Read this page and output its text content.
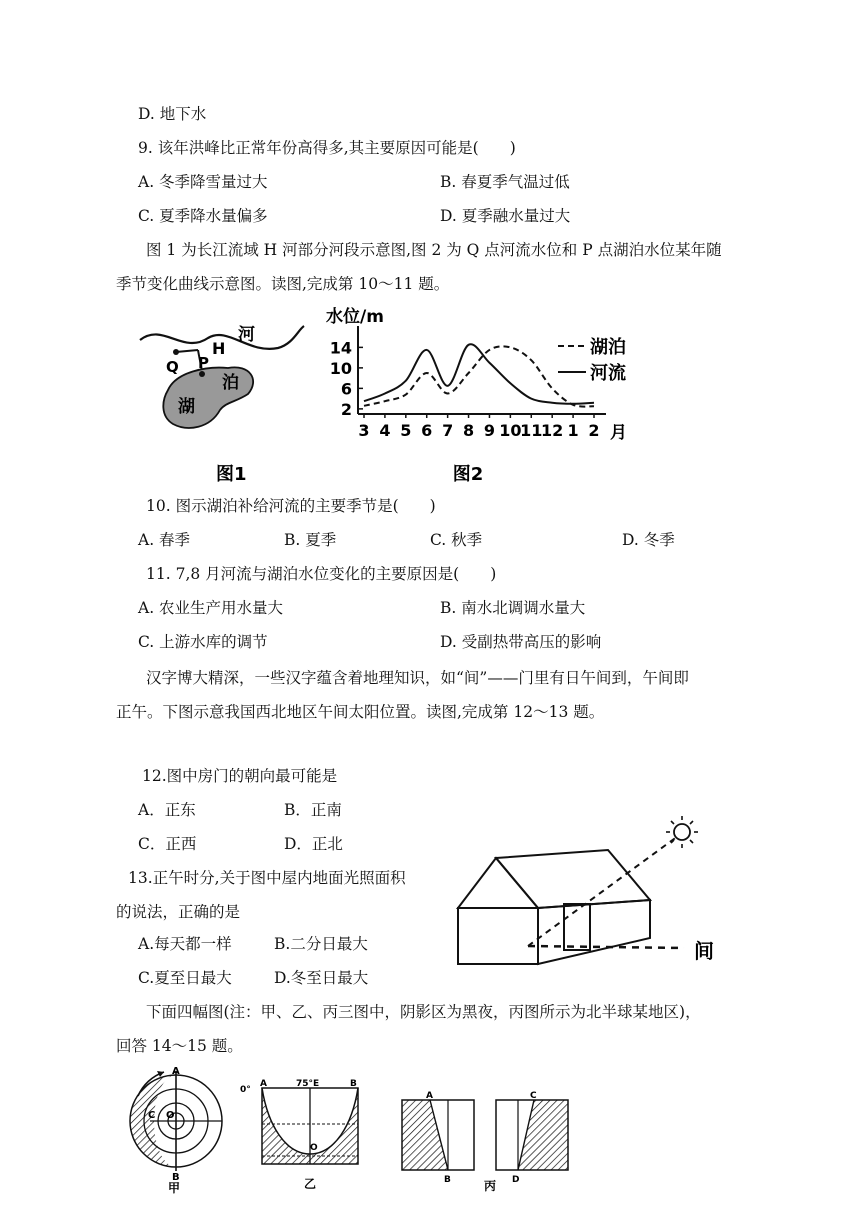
D. 地下水
9. 该年洪峰比正常年份高得多,其主要原因可能是(　　)
A. 冬季降雪量过大	B. 春夏季气温过低
C. 夏季降水量偏多	D. 夏季融水量过大
图 1 为长江流域 H 河部分河段示意图,图 2 为 Q 点河流水位和 P 点湖泊水位某年随
季节变化曲线示意图。读图,完成第 10～11 题。
H
河
Q P
湖
泊
图1
水位/m
2
6
10
14
3 4 5 6 7 8 9 10
11
12 1 2 月
湖泊
河流
图2
10. 图示湖泊补给河流的主要季节是(　　)
A. 春季	B. 夏季	C. 秋季	D. 冬季
11. 7,8 月河流与湖泊水位变化的主要原因是(　　)
A. 农业生产用水量大	B. 南水北调调水量大
C. 上游水库的调节	D. 受副热带高压的影响
汉字博大精深，一些汉字蕴含着地理知识，如“间”——门里有日午间到，午间即
正午。下图示意我国西北地区午间太阳位置。读图,完成第 12～13 题。
12.图中房门的朝向最可能是
A．正东	B．正南
C．正西	D．正北
13.正午时分,关于图中屋内地面光照面积
的说法，正确的是
A.每天都一样	B.二分日最大
C.夏至日最大	D.冬至日最大
间
下面四幅图(注：甲、乙、丙三图中，阴影区为黑夜，丙图所示为北半球某地区)，
回答 14～15 题。
A
B
C O
甲
0°
A	75°E	B
O
乙
A
B
C
D
丙
